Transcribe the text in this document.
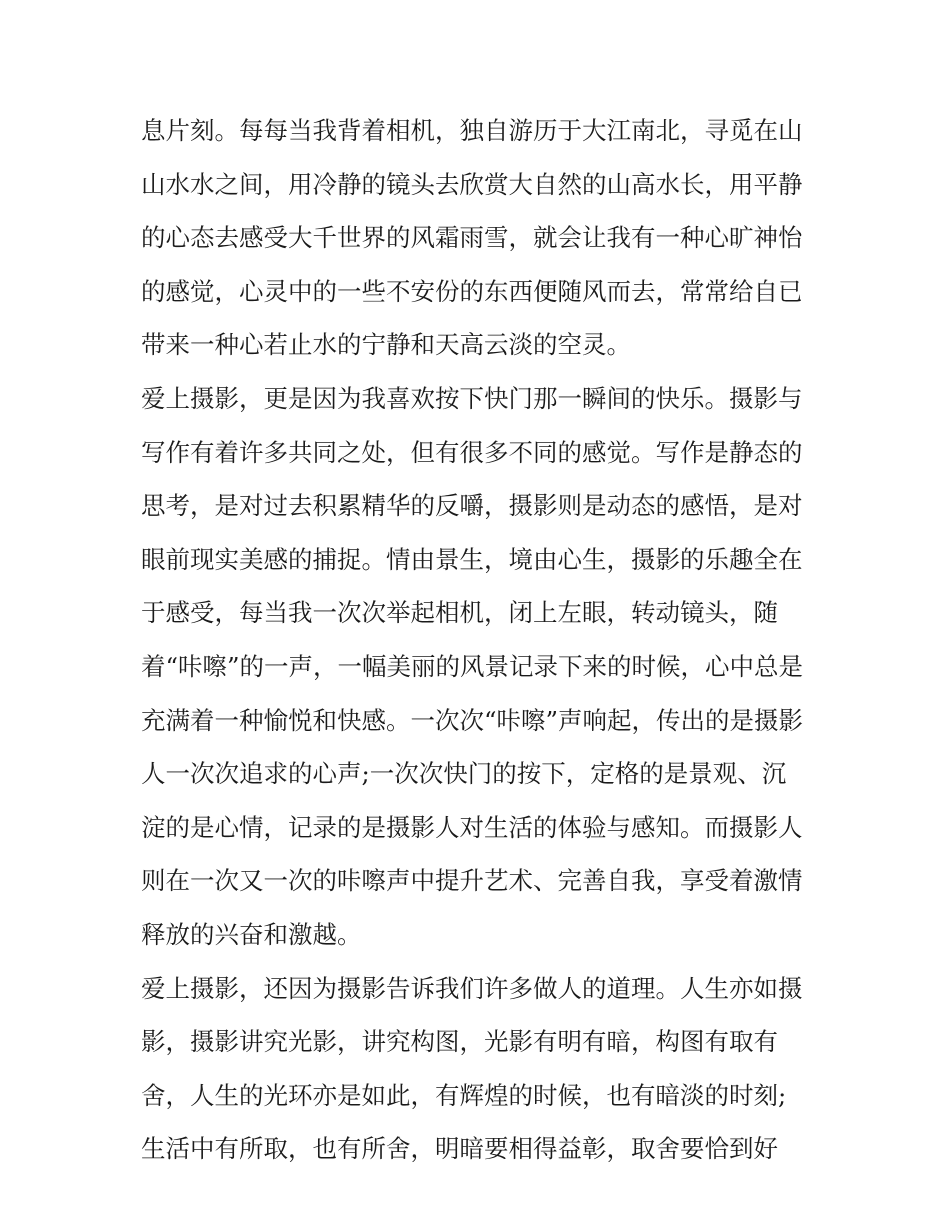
息片刻。每每当我背着相机，独自游历于大江南北，寻觅在山
山水水之间，用冷静的镜头去欣赏大自然的山高水长，用平静
的心态去感受大千世界的风霜雨雪，就会让我有一种心旷神怡
的感觉，心灵中的一些不安份的东西便随风而去，常常给自已
带来一种心若止水的宁静和天高云淡的空灵。
爱上摄影，更是因为我喜欢按下快门那一瞬间的快乐。摄影与
写作有着许多共同之处，但有很多不同的感觉。写作是静态的
思考，是对过去积累精华的反嚼，摄影则是动态的感悟，是对
眼前现实美感的捕捉。情由景生，境由心生，摄影的乐趣全在
于感受，每当我一次次举起相机，闭上左眼，转动镜头，随
着“咔嚓”的一声，一幅美丽的风景记录下来的时候，心中总是
充满着一种愉悦和快感。一次次“咔嚓”声响起，传出的是摄影
人一次次追求的心声;一次次快门的按下，定格的是景观、沉
淀的是心情，记录的是摄影人对生活的体验与感知。而摄影人
则在一次又一次的咔嚓声中提升艺术、完善自我，享受着激情
释放的兴奋和激越。
爱上摄影，还因为摄影告诉我们许多做人的道理。人生亦如摄
影，摄影讲究光影，讲究构图，光影有明有暗，构图有取有
舍，人生的光环亦是如此，有辉煌的时候，也有暗淡的时刻;
生活中有所取，也有所舍，明暗要相得益彰，取舍要恰到好
